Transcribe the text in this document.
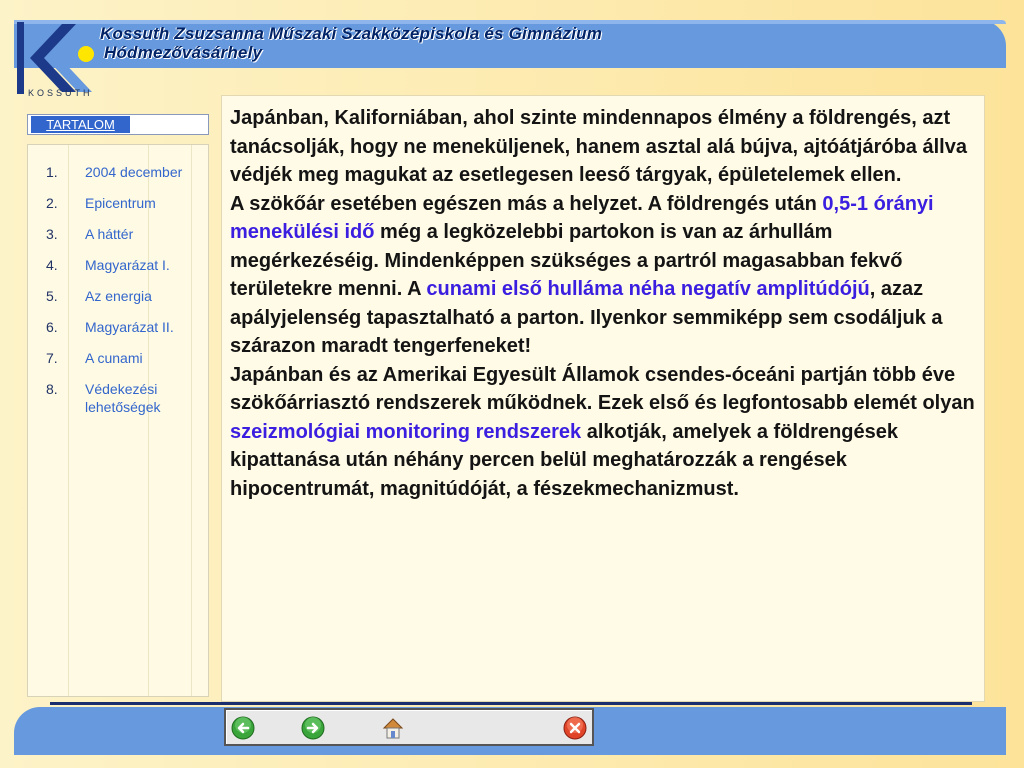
Kossuth Zsuzsanna Műszaki Szakközépiskola és Gimnázium
Hódmezővásárhely
KOSSUTH
TARTALOM
1.	2004 december
2.	Epicentrum
3.	A háttér
4.	Magyarázat I.
5.	Az energia
6.	Magyarázat II.
7.	A cunami
8.	Védekezési lehetőségek
Japánban, Kaliforniában, ahol szinte mindennapos élmény a földrengés, azt tanácsolják, hogy ne meneküljenek, hanem asztal alá bújva, ajtóátjáróba állva védjék meg magukat az esetlegesen leeső tárgyak, épületelemek ellen.
A szökőár esetében egészen más a helyzet. A földrengés után 0,5-1 órányi menekülési idő még a legközelebbi partokon is van az árhullám megérkezéséig. Mindenképpen szükséges a partról magasabban fekvő területekre menni. A cunami első hulláma néha negatív amplitúdójú, azaz apályjelenség tapasztalható a parton. Ilyenkor semmiképp sem csodáljuk a szárazon maradt tengerfeneket!
Japánban és az Amerikai Egyesült Államok csendes-óceáni partján több éve szökőárriasztó rendszerek működnek. Ezek első és legfontosabb elemét olyan szeizmológiai monitoring rendszerek alkotják, amelyek a földrengések kipattanása után néhány percen belül meghatározzák a rengések hipocentrumát, magnitúdóját, a fészekmechanizmust.
